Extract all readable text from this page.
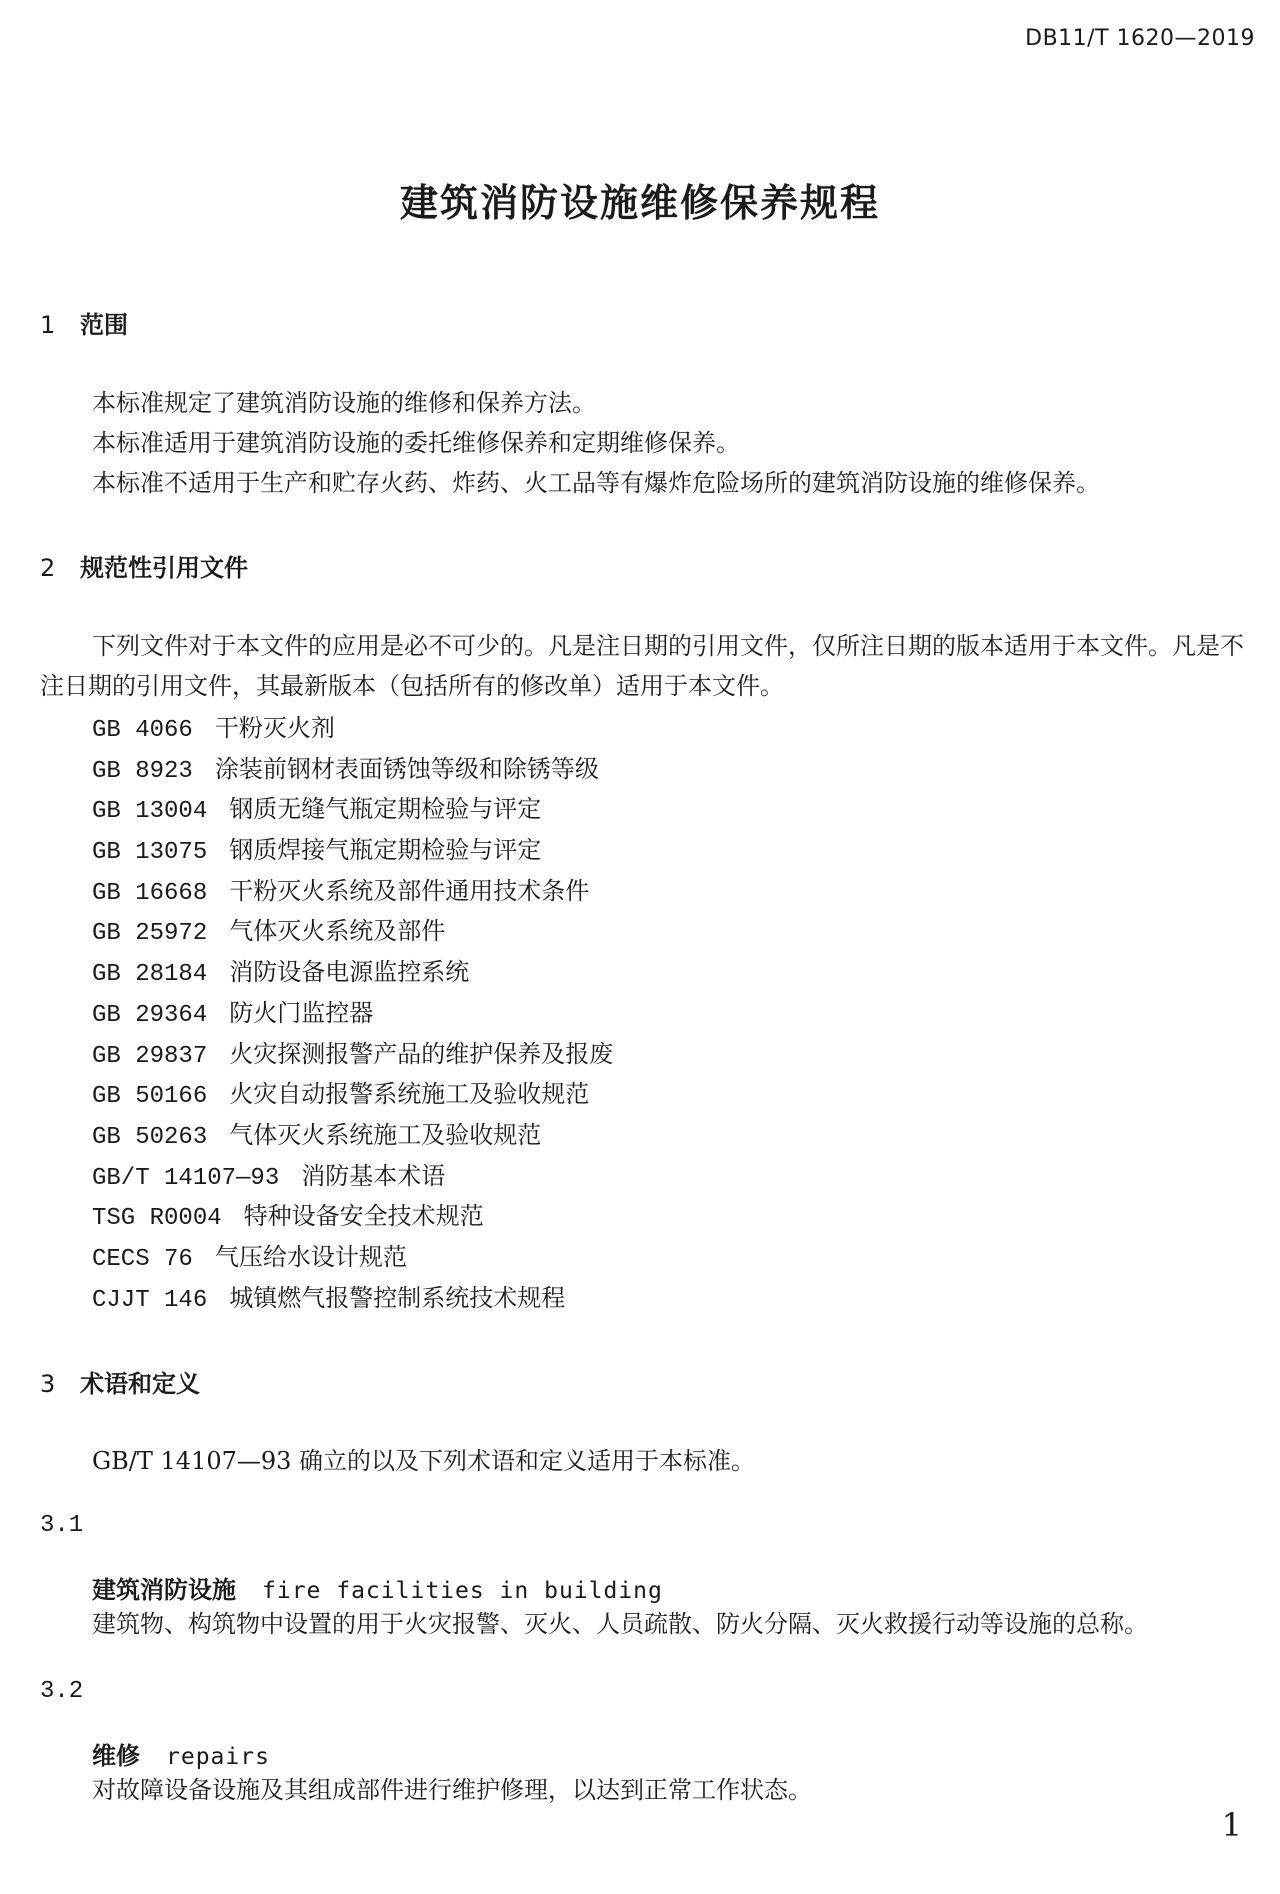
DB11/T 1620—2019
建筑消防设施维修保养规程
1 范围
本标准规定了建筑消防设施的维修和保养方法。
本标准适用于建筑消防设施的委托维修保养和定期维修保养。
本标准不适用于生产和贮存火药、炸药、火工品等有爆炸危险场所的建筑消防设施的维修保养。
2 规范性引用文件
下列文件对于本文件的应用是必不可少的。凡是注日期的引用文件，仅所注日期的版本适用于本文件。凡是不注日期的引用文件，其最新版本（包括所有的修改单）适用于本文件。
GB 4066 干粉灭火剂
GB 8923 涂装前钢材表面锈蚀等级和除锈等级
GB 13004 钢质无缝气瓶定期检验与评定
GB 13075 钢质焊接气瓶定期检验与评定
GB 16668 干粉灭火系统及部件通用技术条件
GB 25972 气体灭火系统及部件
GB 28184 消防设备电源监控系统
GB 29364 防火门监控器
GB 29837 火灾探测报警产品的维护保养及报废
GB 50166 火灾自动报警系统施工及验收规范
GB 50263 气体灭火系统施工及验收规范
GB/T 14107—93 消防基本术语
TSG R0004 特种设备安全技术规范
CECS 76 气压给水设计规范
CJJT 146 城镇燃气报警控制系统技术规程
3 术语和定义
GB/T 14107—93 确立的以及下列术语和定义适用于本标准。
3.1
建筑消防设施 fire facilities in building
建筑物、构筑物中设置的用于火灾报警、灭火、人员疏散、防火分隔、灭火救援行动等设施的总称。
3.2
维修 repairs
对故障设备设施及其组成部件进行维护修理，以达到正常工作状态。
1
